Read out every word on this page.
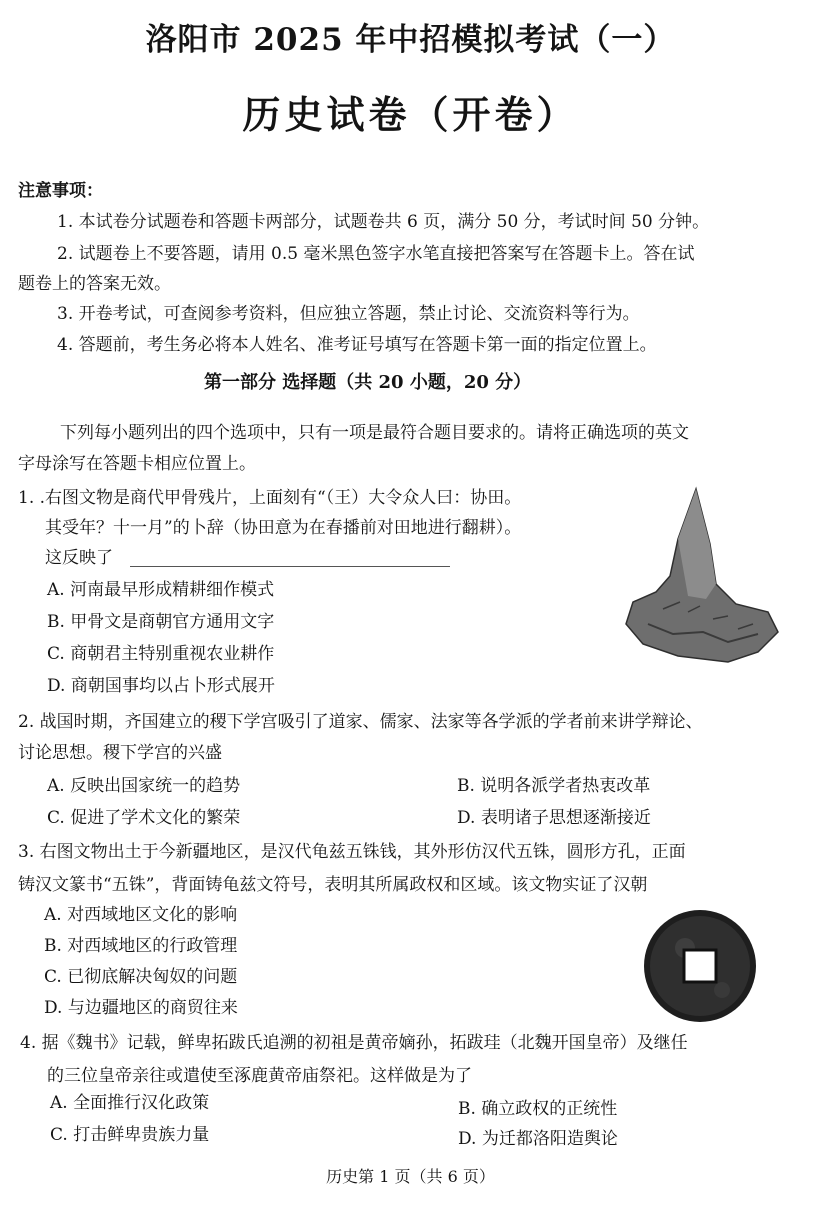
洛阳市 2025 年中招模拟考试（一）
历史试卷（开卷）
注意事项：
1. 本试卷分试题卷和答题卡两部分，试题卷共 6 页，满分 50 分，考试时间 50 分钟。
2. 试题卷上不要答题，请用 0.5 毫米黑色签字水笔直接把答案写在答题卡上。答在试
题卷上的答案无效。
3. 开卷考试，可查阅参考资料，但应独立答题，禁止讨论、交流资料等行为。
4. 答题前，考生务必将本人姓名、准考证号填写在答题卡第一面的指定位置上。
第一部分 选择题（共 20 小题，20 分）
下列每小题列出的四个选项中，只有一项是最符合题目要求的。请将正确选项的英文
字母涂写在答题卡相应位置上。
1. .右图文物是商代甲骨残片，上面刻有“（王）大令众人曰：协田。
其受年？十一月”的卜辞（协田意为在春播前对田地进行翻耕）。
这反映了
A. 河南最早形成精耕细作模式
B. 甲骨文是商朝官方通用文字
C. 商朝君主特别重视农业耕作
D. 商朝国事均以占卜形式展开
2. 战国时期，齐国建立的稷下学宫吸引了道家、儒家、法家等各学派的学者前来讲学辩论、
讨论思想。稷下学宫的兴盛
A. 反映出国家统一的趋势	B. 说明各派学者热衷改革
C. 促进了学术文化的繁荣	D. 表明诸子思想逐渐接近
3. 右图文物出土于今新疆地区，是汉代龟兹五铢钱，其外形仿汉代五铢，圆形方孔，正面
铸汉文篆书“五铢”，背面铸龟兹文符号，表明其所属政权和区域。该文物实证了汉朝
A. 对西域地区文化的影响
B. 对西域地区的行政管理
C. 已彻底解决匈奴的问题
D. 与边疆地区的商贸往来
4. 据《魏书》记载，鲜卑拓跋氏追溯的初祖是黄帝嫡孙，拓跋珪（北魏开国皇帝）及继任
的三位皇帝亲往或遣使至涿鹿黄帝庙祭祀。这样做是为了
A. 全面推行汉化政策	B. 确立政权的正统性
C. 打击鲜卑贵族力量	D. 为迁都洛阳造舆论
历史第 1 页（共 6 页）
